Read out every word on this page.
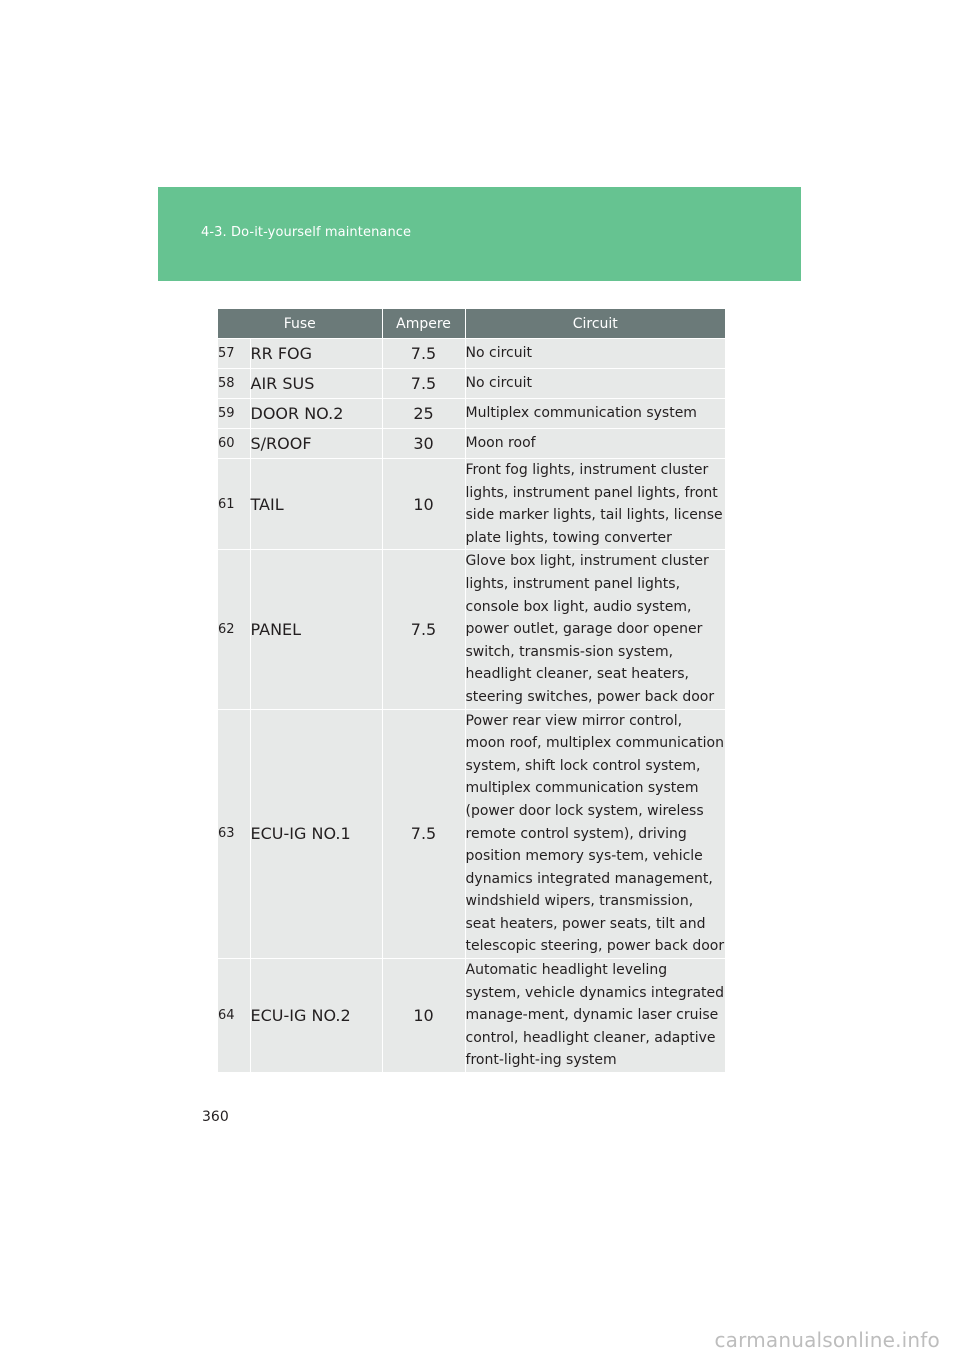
4-3. Do-it-yourself maintenance
Fuse		Ampere	Circuit
57	RR FOG	7.5	No circuit
58	AIR SUS	7.5	No circuit
59	DOOR NO.2	25	Multiplex communication system
60	S/ROOF	30	Moon roof
61	TAIL	10	Front fog lights, instrument cluster lights, instrument panel lights, front side marker lights, tail lights, license plate lights, towing converter
62	PANEL	7.5	Glove box light, instrument cluster lights, instrument panel lights, console box light, audio system, power outlet, garage door opener switch, transmis-sion system, headlight cleaner, seat heaters, steering switches, power back door
63	ECU-IG NO.1	7.5	Power rear view mirror control, moon roof, multiplex communication system, shift lock control system, multiplex communication system (power door lock system, wireless remote control system), driving position memory sys-tem, vehicle dynamics integrated management, windshield wipers, transmission, seat heaters, power seats, tilt and telescopic steering, power back door
64	ECU-IG NO.2	10	Automatic headlight leveling system, vehicle dynamics integrated manage-ment, dynamic laser cruise control, headlight cleaner, adaptive front-light-ing system
360
carmanualsonline.info
